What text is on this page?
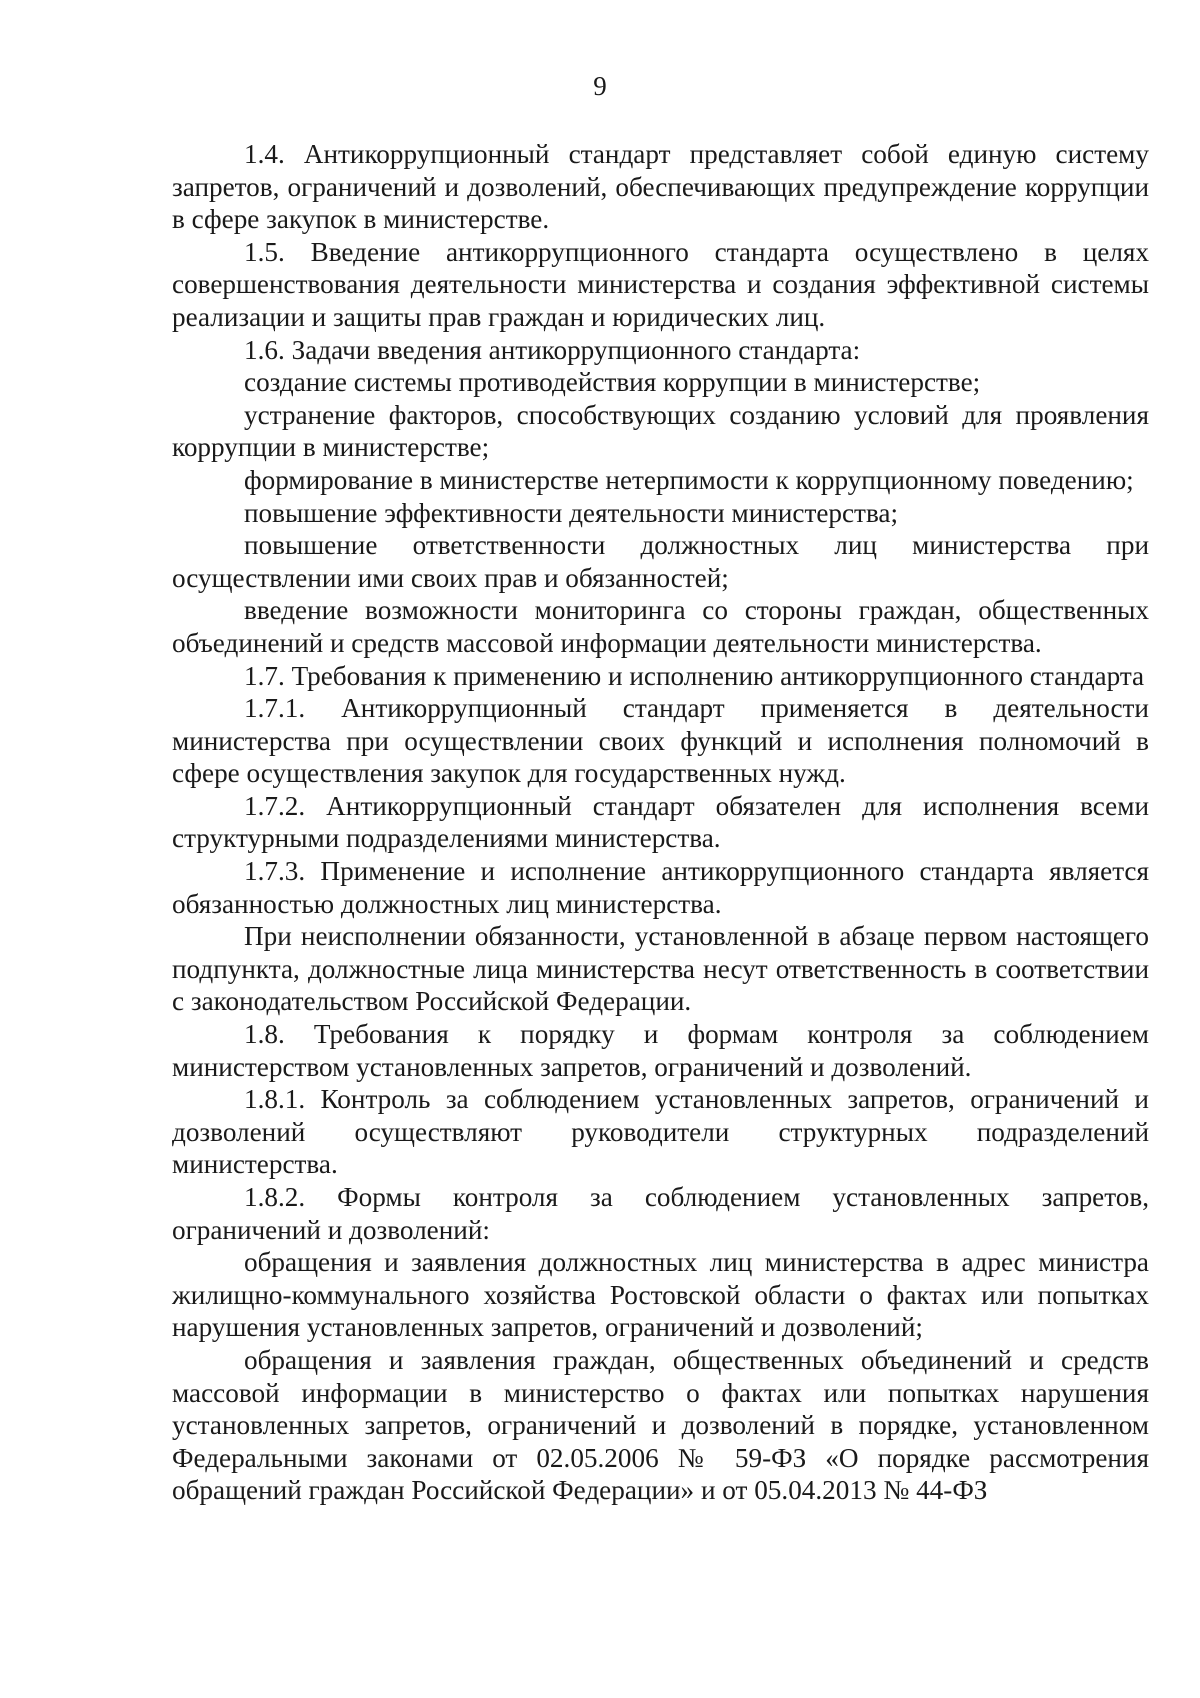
9

1.4. Антикоррупционный стандарт представляет собой единую систему запретов, ограничений и дозволений, обеспечивающих предупреждение коррупции в сфере закупок в министерстве.

1.5. Введение антикоррупционного стандарта осуществлено в целях совершенствования деятельности министерства и создания эффективной системы реализации и защиты прав граждан и юридических лиц.

1.6. Задачи введения антикоррупционного стандарта:

создание системы противодействия коррупции в министерстве;

устранение факторов, способствующих созданию условий для проявления коррупции в министерстве;

формирование в министерстве нетерпимости к коррупционному поведению;

повышение эффективности деятельности министерства;

повышение ответственности должностных лиц министерства при осуществлении ими своих прав и обязанностей;

введение возможности мониторинга со стороны граждан, общественных объединений и средств массовой информации деятельности министерства.

1.7. Требования к применению и исполнению антикоррупционного стандарта

1.7.1. Антикоррупционный стандарт применяется в деятельности министерства при осуществлении своих функций и исполнения полномочий в сфере осуществления закупок для государственных нужд.

1.7.2. Антикоррупционный стандарт обязателен для исполнения всеми структурными подразделениями министерства.

1.7.3. Применение и исполнение антикоррупционного стандарта является обязанностью должностных лиц министерства.

При неисполнении обязанности, установленной в абзаце первом настоящего подпункта, должностные лица министерства несут ответственность в соответствии с законодательством Российской Федерации.

1.8. Требования к порядку и формам контроля за соблюдением министерством установленных запретов, ограничений и дозволений.

1.8.1. Контроль за соблюдением установленных запретов, ограничений и дозволений осуществляют руководители структурных подразделений министерства.

1.8.2. Формы контроля за соблюдением установленных запретов, ограничений и дозволений:

обращения и заявления должностных лиц министерства в адрес министра жилищно-коммунального хозяйства Ростовской области о фактах или попытках нарушения установленных запретов, ограничений и дозволений;

обращения и заявления граждан, общественных объединений и средств массовой информации в министерство о фактах или попытках нарушения установленных запретов, ограничений и дозволений в порядке, установленном Федеральными законами от 02.05.2006 № 59-ФЗ «О порядке рассмотрения обращений граждан Российской Федерации» и от 05.04.2013 № 44-ФЗ
